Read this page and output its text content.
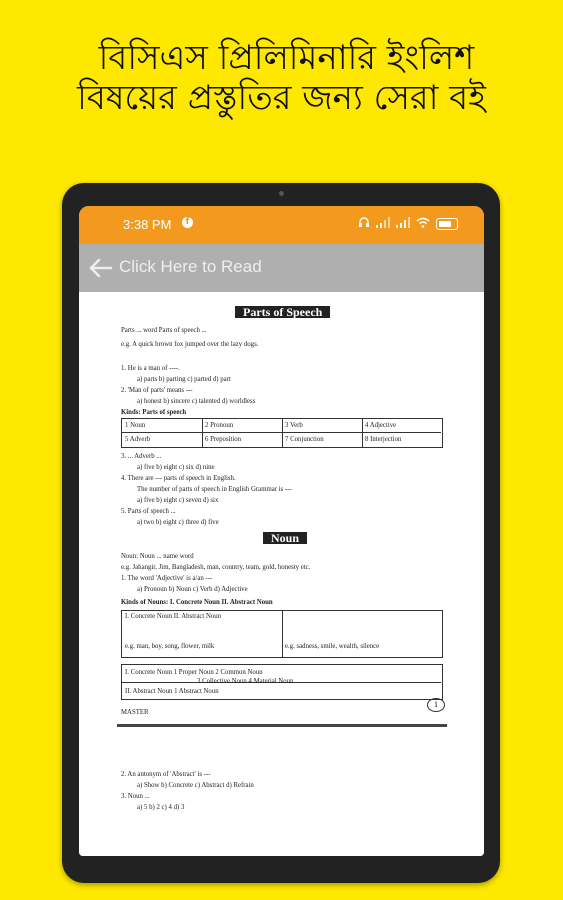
বিসিএস প্রিলিমিনারি ইংলিশ
বিষয়ের প্রস্তুতির জন্য সেরা বই
3:38 PM	f
Click Here to Read
Parts of Speech
Parts ... word Parts of speech ...
e.g. A quick brown fox jumped over the lazy dogs.
1. He is a man of ----.
a) parts b) parting c) parted d) part
2. 'Man of parts' means ---
a) honest b) sincere c) talented d) worldless
Kinds: Parts of speech
1 Noun	2 Pronoun	3 Verb	4 Adjective
5 Adverb	6 Preposition	7 Conjunction	8 Interjection
3. ... Adverb ...
a) five b) eight c) six d) nine
4. There are --- parts of speech in English.
The number of parts of speech in English Grammar is ---
a) five b) eight c) seven d) six
5. Parts of speech ...
a) two b) eight c) three d) five
Noun
Noun: Noun ... name word
e.g. Jahangir, Jim, Bangladesh, man, country, team, gold, honesty etc.
1. The word 'Adjective' is a/an ---
a) Pronoun b) Noun c) Verb d) Adjective
Kinds of Nouns: I. Concrete Noun II. Abstract Noun
I. Concrete Noun II. Abstract Noun
e.g. man, boy, song, flower, milk	e.g. sadness, smile, wealth, silence
I. Concrete Noun 1 Proper Noun 2 Common Noun
3 Collective Noun 4 Material Noun
II. Abstract Noun 1 Abstract Noun
MASTER
1
2. An antonym of 'Abstract' is ---
a) Show b) Concrete c) Abstract d) Refrain
3. Noun ...
a) 5 b) 2 c) 4 d) 3
